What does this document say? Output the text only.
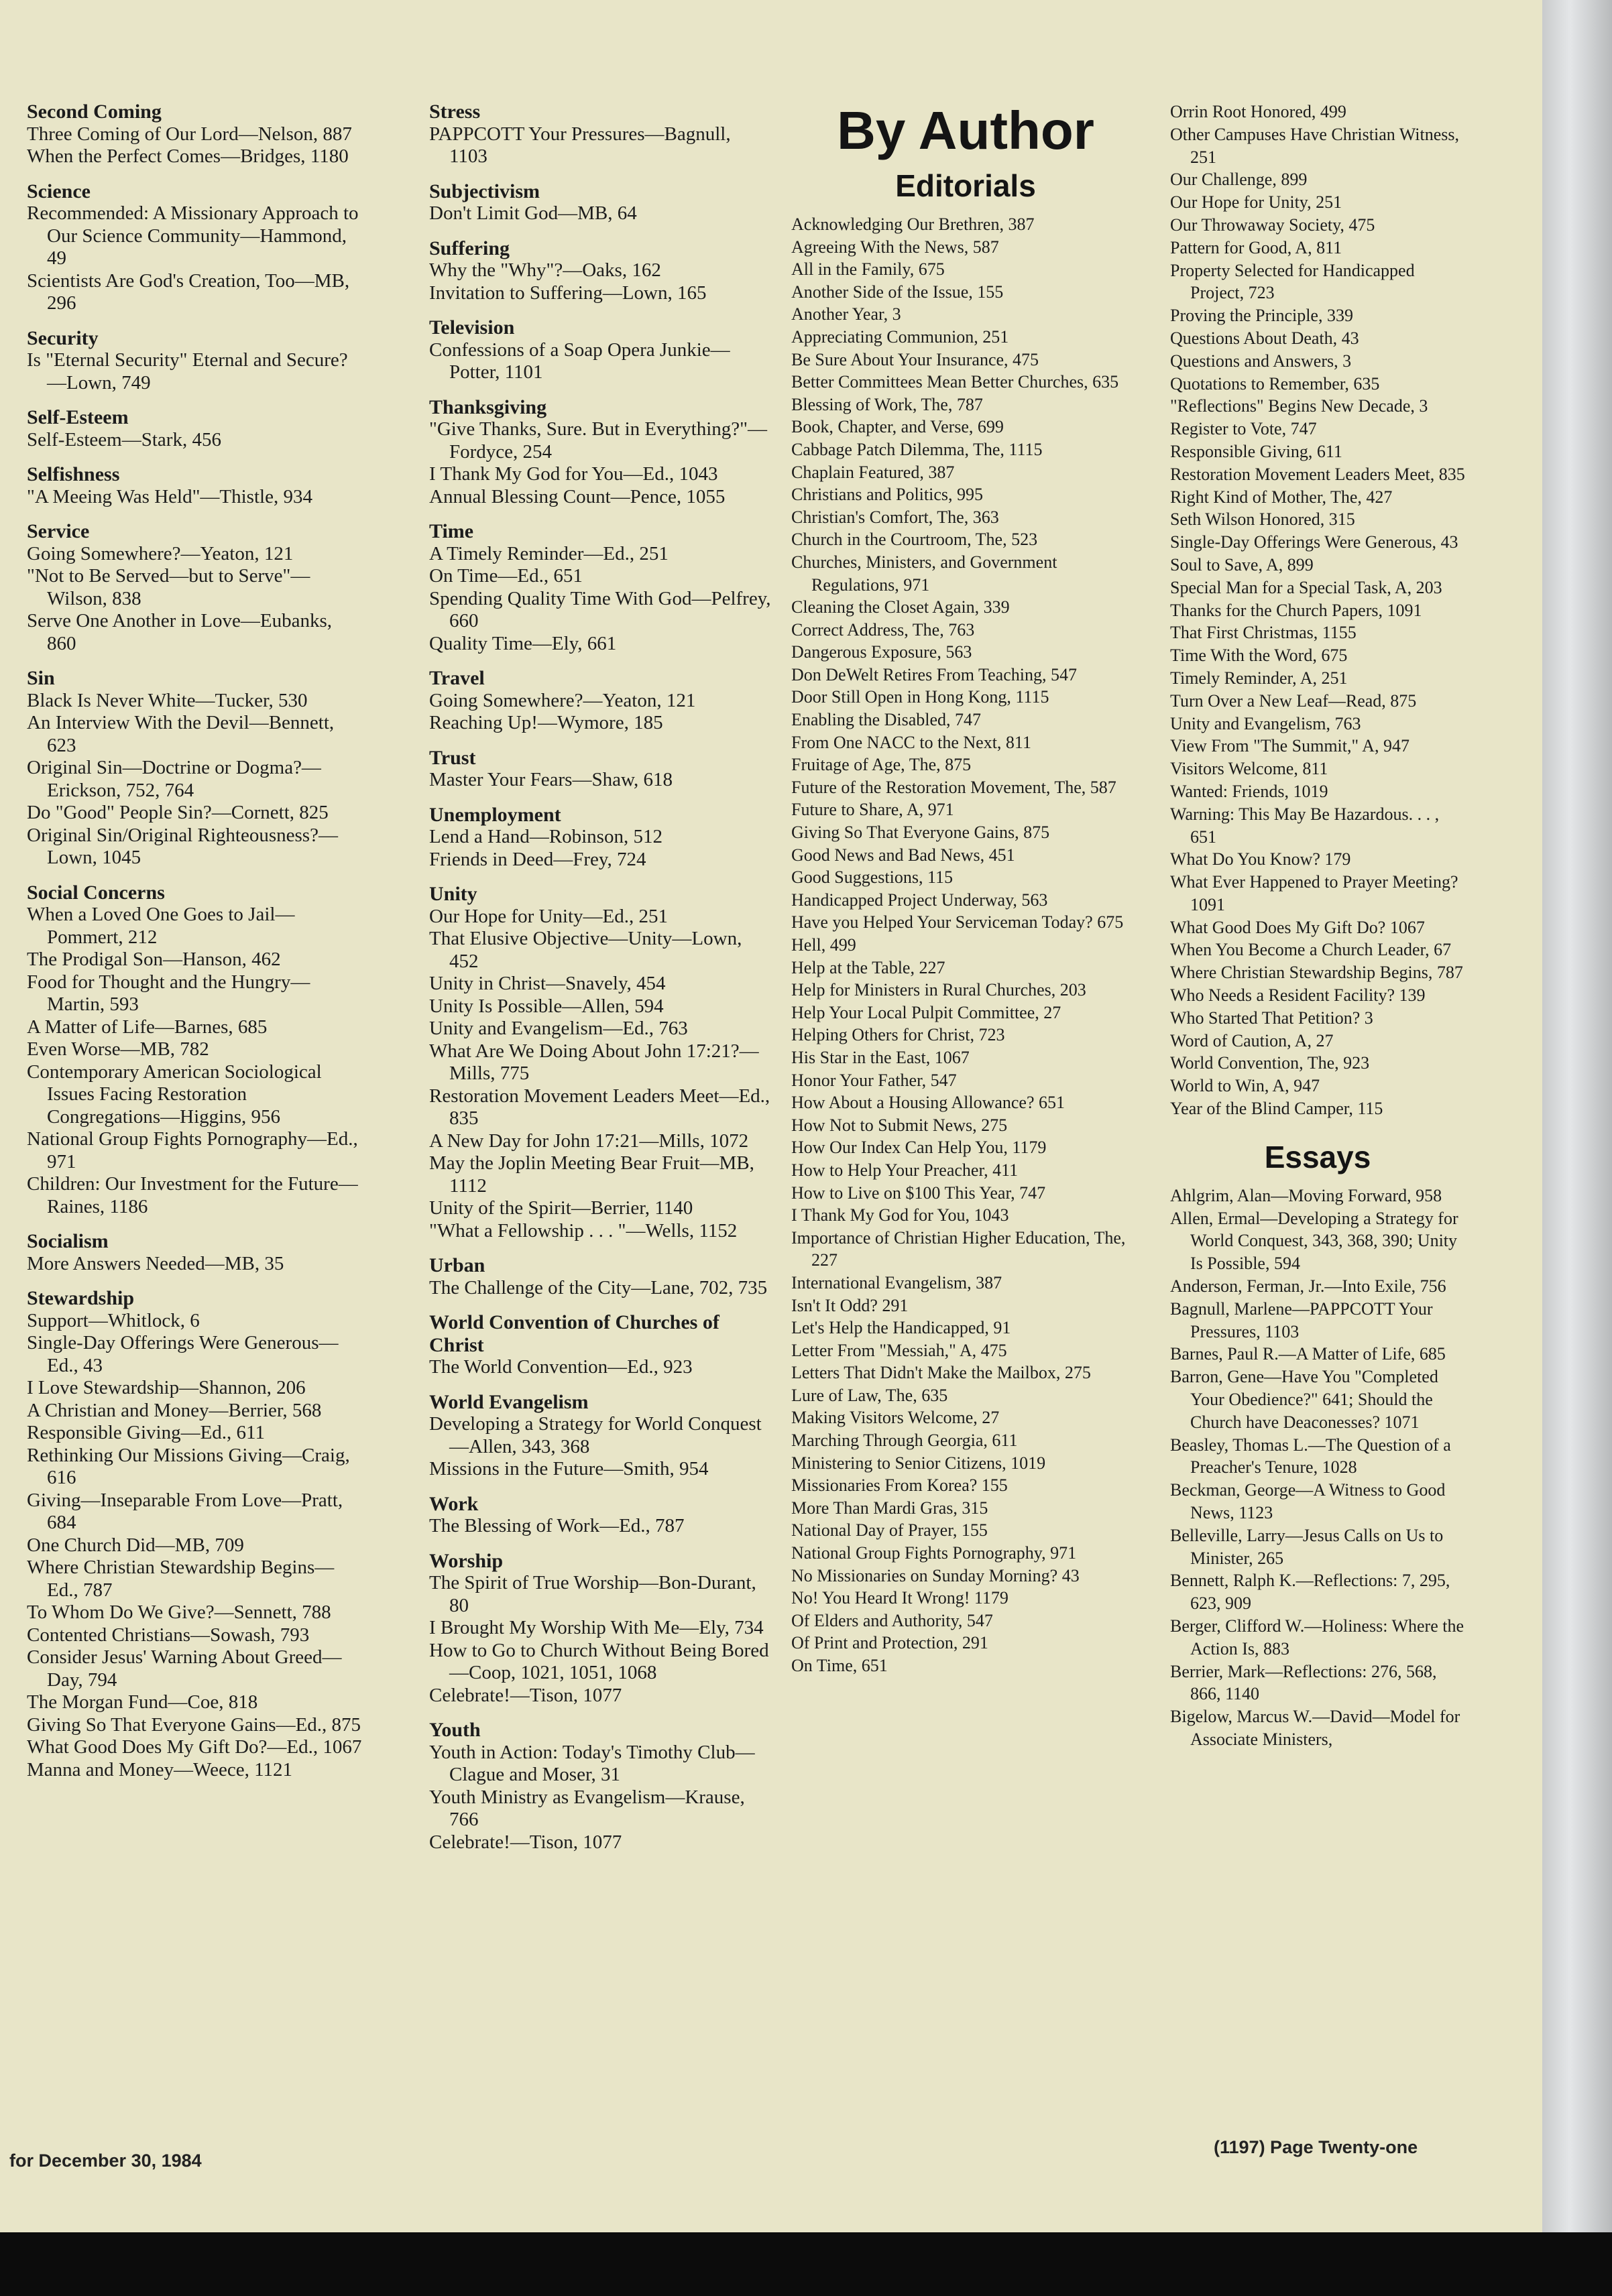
Second Coming
Three Coming of Our Lord—Nelson, 887
When the Perfect Comes—Bridges, 1180
Science
Recommended: A Missionary Approach to Our Science Community—Hammond, 49
Scientists Are God's Creation, Too—MB, 296
Security
Is "Eternal Security" Eternal and Secure?—Lown, 749
Self-Esteem
Self-Esteem—Stark, 456
Selfishness
"A Meeing Was Held"—Thistle, 934
Service
Going Somewhere?—Yeaton, 121
"Not to Be Served—but to Serve"—Wilson, 838
Serve One Another in Love—Eubanks, 860
Sin
Black Is Never White—Tucker, 530
An Interview With the Devil—Bennett, 623
Original Sin—Doctrine or Dogma?—Erickson, 752, 764
Do "Good" People Sin?—Cornett, 825
Original Sin/Original Righteousness?—Lown, 1045
Social Concerns
When a Loved One Goes to Jail—Pommert, 212
The Prodigal Son—Hanson, 462
Food for Thought and the Hungry—Martin, 593
A Matter of Life—Barnes, 685
Even Worse—MB, 782
Contemporary American Sociological Issues Facing Restoration Congregations—Higgins, 956
National Group Fights Pornography—Ed., 971
Children: Our Investment for the Future—Raines, 1186
Socialism
More Answers Needed—MB, 35
Stewardship
Support—Whitlock, 6
Single-Day Offerings Were Generous—Ed., 43
I Love Stewardship—Shannon, 206
A Christian and Money—Berrier, 568
Responsible Giving—Ed., 611
Rethinking Our Missions Giving—Craig, 616
Giving—Inseparable From Love—Pratt, 684
One Church Did—MB, 709
Where Christian Stewardship Begins—Ed., 787
To Whom Do We Give?—Sennett, 788
Contented Christians—Sowash, 793
Consider Jesus' Warning About Greed—Day, 794
The Morgan Fund—Coe, 818
Giving So That Everyone Gains—Ed., 875
What Good Does My Gift Do?—Ed., 1067
Manna and Money—Weece, 1121
Stress
PAPPCOTT Your Pressures—Bagnull, 1103
Subjectivism
Don't Limit God—MB, 64
Suffering
Why the "Why"?—Oaks, 162
Invitation to Suffering—Lown, 165
Television
Confessions of a Soap Opera Junkie—Potter, 1101
Thanksgiving
"Give Thanks, Sure. But in Everything?"—Fordyce, 254
I Thank My God for You—Ed., 1043
Annual Blessing Count—Pence, 1055
Time
A Timely Reminder—Ed., 251
On Time—Ed., 651
Spending Quality Time With God—Pelfrey, 660
Quality Time—Ely, 661
Travel
Going Somewhere?—Yeaton, 121
Reaching Up!—Wymore, 185
Trust
Master Your Fears—Shaw, 618
Unemployment
Lend a Hand—Robinson, 512
Friends in Deed—Frey, 724
Unity
Our Hope for Unity—Ed., 251
That Elusive Objective—Unity—Lown, 452
Unity in Christ—Snavely, 454
Unity Is Possible—Allen, 594
Unity and Evangelism—Ed., 763
What Are We Doing About John 17:21?—Mills, 775
Restoration Movement Leaders Meet—Ed., 835
A New Day for John 17:21—Mills, 1072
May the Joplin Meeting Bear Fruit—MB, 1112
Unity of the Spirit—Berrier, 1140
"What a Fellowship . . . "—Wells, 1152
Urban
The Challenge of the City—Lane, 702, 735
World Convention of Churches of Christ
The World Convention—Ed., 923
World Evangelism
Developing a Strategy for World Conquest—Allen, 343, 368
Missions in the Future—Smith, 954
Work
The Blessing of Work—Ed., 787
Worship
The Spirit of True Worship—Bon-Durant, 80
I Brought My Worship With Me—Ely, 734
How to Go to Church Without Being Bored—Coop, 1021, 1051, 1068
Celebrate!—Tison, 1077
Youth
Youth in Action: Today's Timothy Club—Clague and Moser, 31
Youth Ministry as Evangelism—Krause, 766
Celebrate!—Tison, 1077
By Author
Editorials
Acknowledging Our Brethren, 387
Agreeing With the News, 587
All in the Family, 675
Another Side of the Issue, 155
Another Year, 3
Appreciating Communion, 251
Be Sure About Your Insurance, 475
Better Committees Mean Better Churches, 635
Blessing of Work, The, 787
Book, Chapter, and Verse, 699
Cabbage Patch Dilemma, The, 1115
Chaplain Featured, 387
Christians and Politics, 995
Christian's Comfort, The, 363
Church in the Courtroom, The, 523
Churches, Ministers, and Government Regulations, 971
Cleaning the Closet Again, 339
Correct Address, The, 763
Dangerous Exposure, 563
Don DeWelt Retires From Teaching, 547
Door Still Open in Hong Kong, 1115
Enabling the Disabled, 747
From One NACC to the Next, 811
Fruitage of Age, The, 875
Future of the Restoration Movement, The, 587
Future to Share, A, 971
Giving So That Everyone Gains, 875
Good News and Bad News, 451
Good Suggestions, 115
Handicapped Project Underway, 563
Have you Helped Your Serviceman Today? 675
Hell, 499
Help at the Table, 227
Help for Ministers in Rural Churches, 203
Help Your Local Pulpit Committee, 27
Helping Others for Christ, 723
His Star in the East, 1067
Honor Your Father, 547
How About a Housing Allowance? 651
How Not to Submit News, 275
How Our Index Can Help You, 1179
How to Help Your Preacher, 411
How to Live on $100 This Year, 747
I Thank My God for You, 1043
Importance of Christian Higher Education, The, 227
International Evangelism, 387
Isn't It Odd? 291
Let's Help the Handicapped, 91
Letter From "Messiah," A, 475
Letters That Didn't Make the Mailbox, 275
Lure of Law, The, 635
Making Visitors Welcome, 27
Marching Through Georgia, 611
Ministering to Senior Citizens, 1019
Missionaries From Korea? 155
More Than Mardi Gras, 315
National Day of Prayer, 155
National Group Fights Pornography, 971
No Missionaries on Sunday Morning? 43
No! You Heard It Wrong! 1179
Of Elders and Authority, 547
Of Print and Protection, 291
On Time, 651
Orrin Root Honored, 499
Other Campuses Have Christian Witness, 251
Our Challenge, 899
Our Hope for Unity, 251
Our Throwaway Society, 475
Pattern for Good, A, 811
Property Selected for Handicapped Project, 723
Proving the Principle, 339
Questions About Death, 43
Questions and Answers, 3
Quotations to Remember, 635
"Reflections" Begins New Decade, 3
Register to Vote, 747
Responsible Giving, 611
Restoration Movement Leaders Meet, 835
Right Kind of Mother, The, 427
Seth Wilson Honored, 315
Single-Day Offerings Were Generous, 43
Soul to Save, A, 899
Special Man for a Special Task, A, 203
Thanks for the Church Papers, 1091
That First Christmas, 1155
Time With the Word, 675
Timely Reminder, A, 251
Turn Over a New Leaf—Read, 875
Unity and Evangelism, 763
View From "The Summit," A, 947
Visitors Welcome, 811
Wanted: Friends, 1019
Warning: This May Be Hazardous. . . , 651
What Do You Know? 179
What Ever Happened to Prayer Meeting? 1091
What Good Does My Gift Do? 1067
When You Become a Church Leader, 67
Where Christian Stewardship Begins, 787
Who Needs a Resident Facility? 139
Who Started That Petition? 3
Word of Caution, A, 27
World Convention, The, 923
World to Win, A, 947
Year of the Blind Camper, 115
Essays
Ahlgrim, Alan—Moving Forward, 958
Allen, Ermal—Developing a Strategy for World Conquest, 343, 368, 390; Unity Is Possible, 594
Anderson, Ferman, Jr.—Into Exile, 756
Bagnull, Marlene—PAPPCOTT Your Pressures, 1103
Barnes, Paul R.—A Matter of Life, 685
Barron, Gene—Have You "Completed Your Obedience?" 641; Should the Church have Deaconesses? 1071
Beasley, Thomas L.—The Question of a Preacher's Tenure, 1028
Beckman, George—A Witness to Good News, 1123
Belleville, Larry—Jesus Calls on Us to Minister, 265
Bennett, Ralph K.—Reflections: 7, 295, 623, 909
Berger, Clifford W.—Holiness: Where the Action Is, 883
Berrier, Mark—Reflections: 276, 568, 866, 1140
Bigelow, Marcus W.—David—Model for Associate Ministers,
for December 30, 1984
(1197) Page Twenty-one
